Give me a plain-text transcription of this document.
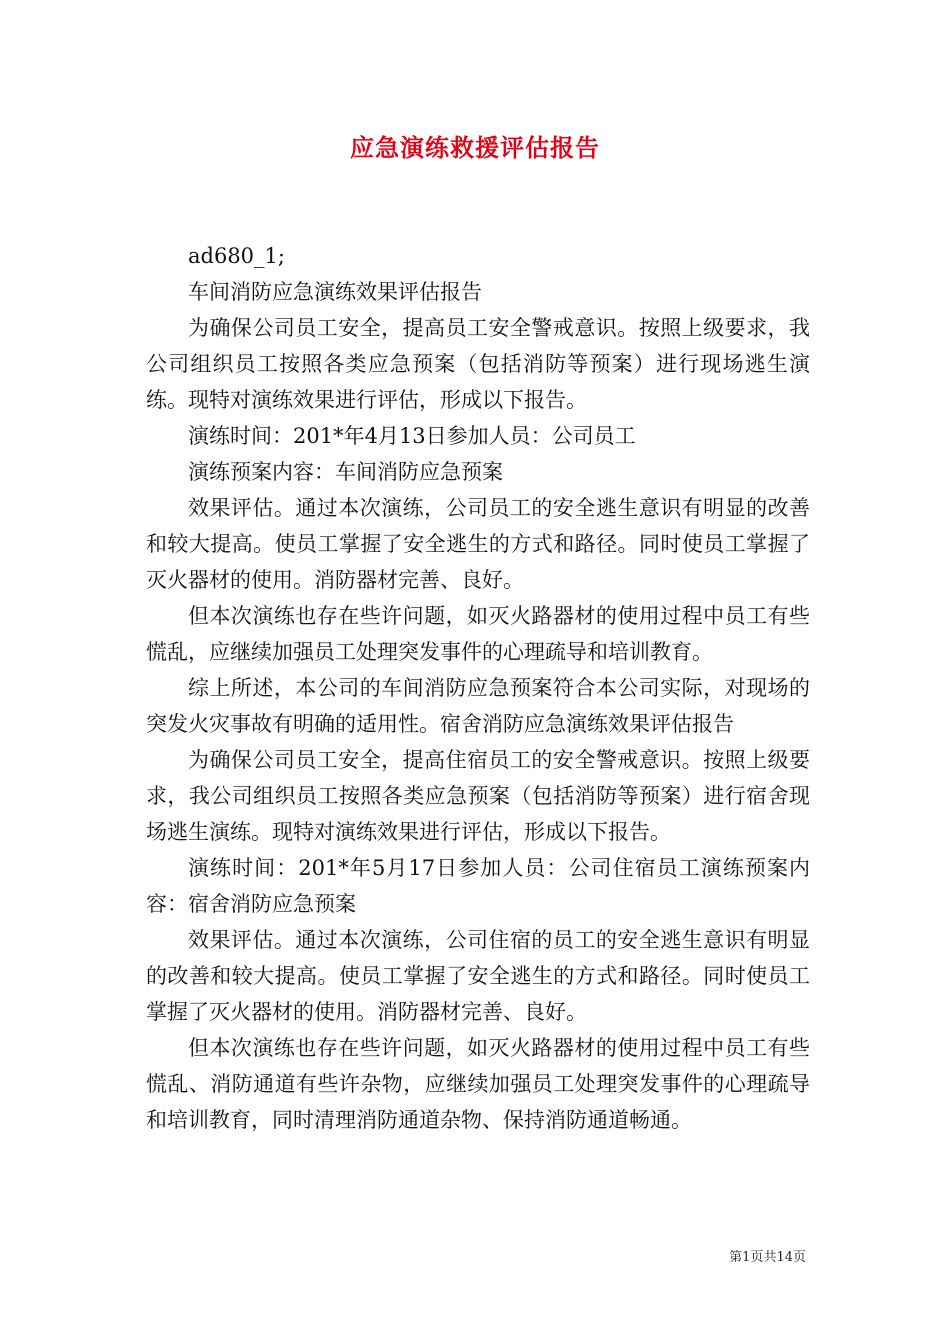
应急演练救援评估报告

ad680_1;

车间消防应急演练效果评估报告

为确保公司员工安全，提高员工安全警戒意识。按照上级要求，我公司组织员工按照各类应急预案（包括消防等预案）进行现场逃生演练。现特对演练效果进行评估，形成以下报告。

演练时间：201*年4月13日参加人员：公司员工

演练预案内容：车间消防应急预案

效果评估。通过本次演练，公司员工的安全逃生意识有明显的改善和较大提高。使员工掌握了安全逃生的方式和路径。同时使员工掌握了灭火器材的使用。消防器材完善、良好。

但本次演练也存在些许问题，如灭火路器材的使用过程中员工有些慌乱，应继续加强员工处理突发事件的心理疏导和培训教育。

综上所述，本公司的车间消防应急预案符合本公司实际，对现场的突发火灾事故有明确的适用性。宿舍消防应急演练效果评估报告

为确保公司员工安全，提高住宿员工的安全警戒意识。按照上级要求，我公司组织员工按照各类应急预案（包括消防等预案）进行宿舍现场逃生演练。现特对演练效果进行评估，形成以下报告。

演练时间：201*年5月17日参加人员：公司住宿员工演练预案内容：宿舍消防应急预案

效果评估。通过本次演练，公司住宿的员工的安全逃生意识有明显的改善和较大提高。使员工掌握了安全逃生的方式和路径。同时使员工掌握了灭火器材的使用。消防器材完善、良好。

但本次演练也存在些许问题，如灭火路器材的使用过程中员工有些慌乱、消防通道有些许杂物，应继续加强员工处理突发事件的心理疏导和培训教育，同时清理消防通道杂物、保持消防通道畅通。

第1页共14页
